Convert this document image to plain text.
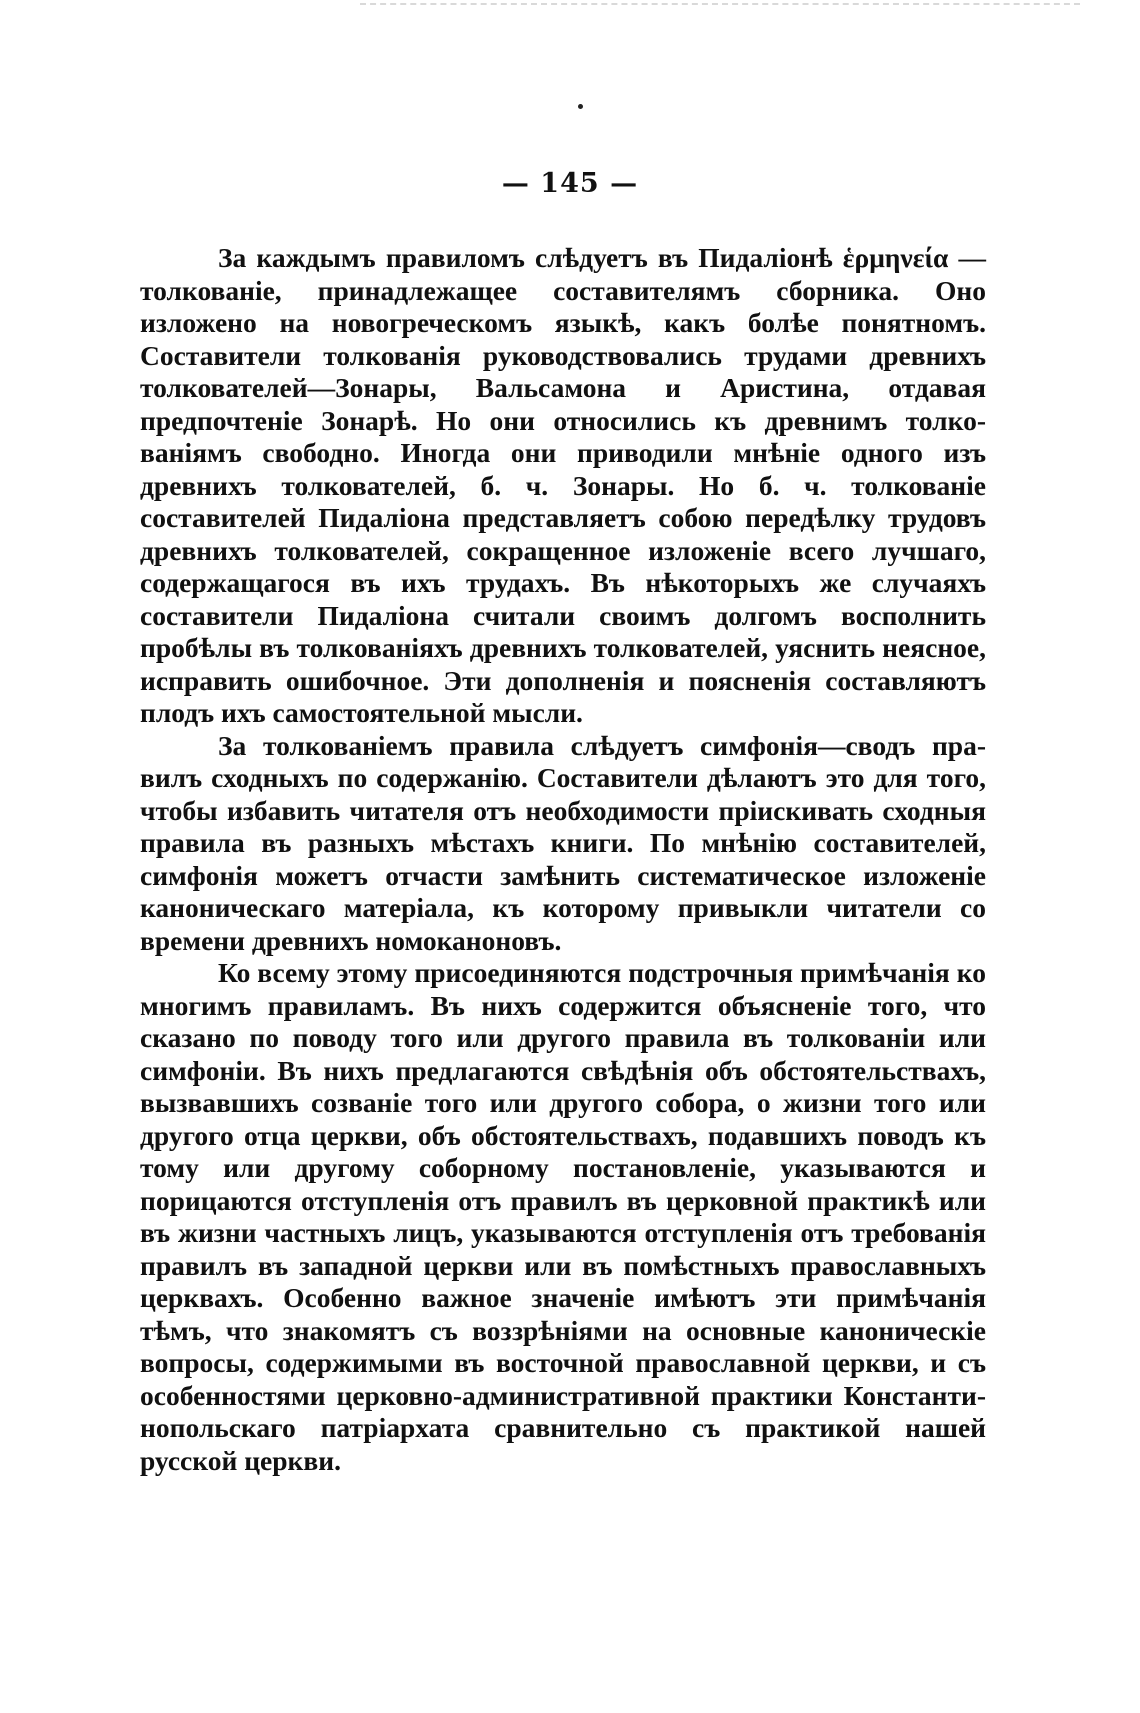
— 145 —

За каждымъ правиломъ слѣдуетъ въ Пидаліонѣ ἑρμηνεία —толкованіе, принадлежащее составителямъ сборника. Оно изложено на новогреческомъ языкѣ, какъ болѣе понятномъ. Составители толкованія руководствовались трудами древнихъ толкователей—Зонары, Вальсамона и Аристина, отдавая предпочтеніе Зонарѣ. Но они относились къ древнимъ толкованіямъ свободно. Иногда они приводили мнѣніе одного изъ древнихъ толкователей, б. ч. Зонары. Но б. ч. толкованіе составителей Пидаліона представляетъ собою передѣлку трудовъ древнихъ толкователей, сокращенное изложеніе всего лучшаго, содержащагося въ ихъ трудахъ. Въ нѣкоторыхъ же случаяхъ составители Пидаліона считали своимъ долгомъ восполнить пробѣлы въ толкованіяхъ древнихъ толкователей, уяснить неясное, исправить ошибочное. Эти дополненія и поясненія составляютъ плодъ ихъ самостоятельной мысли.

За толкованіемъ правила слѣдуетъ симфонія—сводъ правилъ сходныхъ по содержанію. Составители дѣлаютъ это для того, чтобы избавить читателя отъ необходимости пріискивать сходныя правила въ разныхъ мѣстахъ книги. По мнѣнію составителей, симфонія можетъ отчасти замѣнить систематическое изложеніе каноническаго матеріала, къ которому привыкли читатели со времени древнихъ номоканоновъ.

Ко всему этому присоединяются подстрочныя примѣчанія ко многимъ правиламъ. Въ нихъ содержится объясненіе того, что сказано по поводу того или другого правила въ толкованіи или симфоніи. Въ нихъ предлагаются свѣдѣнія объ обстоятельствахъ, вызвавшихъ созваніе того или другого собора, о жизни того или другого отца церкви, объ обстоятельствахъ, подавшихъ поводъ къ тому или другому соборному постановленіе, указываются и порицаются отступленія отъ правилъ въ церковной практикѣ или въ жизни частныхъ лицъ, указываются отступленія отъ требованія правилъ въ западной церкви или въ помѣстныхъ православныхъ церквахъ. Особенно важное значеніе имѣютъ эти примѣчанія тѣмъ, что знакомятъ съ воззрѣніями на основные каноническіе вопросы, содержимыми въ восточной православной церкви, и съ особенностями церковно-административной практики Константинопольскаго патріархата сравнительно съ практикой нашей русской церкви.
